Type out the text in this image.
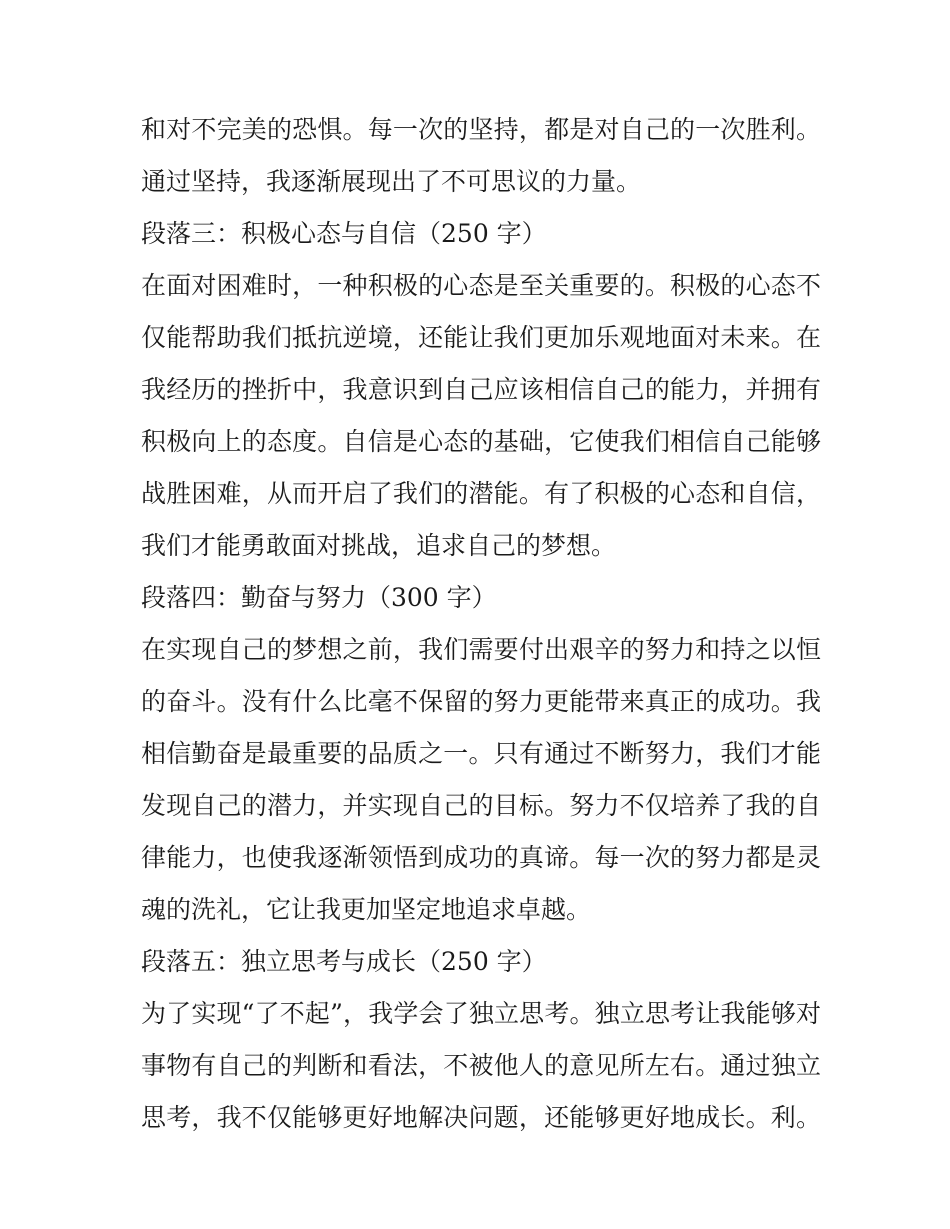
和对不完美的恐惧。每一次的坚持，都是对自己的一次胜利。
通过坚持，我逐渐展现出了不可思议的力量。
段落三：积极心态与自信（250 字）
在面对困难时，一种积极的心态是至关重要的。积极的心态不
仅能帮助我们抵抗逆境，还能让我们更加乐观地面对未来。在
我经历的挫折中，我意识到自己应该相信自己的能力，并拥有
积极向上的态度。自信是心态的基础，它使我们相信自己能够
战胜困难，从而开启了我们的潜能。有了积极的心态和自信，
我们才能勇敢面对挑战，追求自己的梦想。
段落四：勤奋与努力（300 字）
在实现自己的梦想之前，我们需要付出艰辛的努力和持之以恒
的奋斗。没有什么比毫不保留的努力更能带来真正的成功。我
相信勤奋是最重要的品质之一。只有通过不断努力，我们才能
发现自己的潜力，并实现自己的目标。努力不仅培养了我的自
律能力，也使我逐渐领悟到成功的真谛。每一次的努力都是灵
魂的洗礼，它让我更加坚定地追求卓越。
段落五：独立思考与成长（250 字）
为了实现“了不起”，我学会了独立思考。独立思考让我能够对
事物有自己的判断和看法，不被他人的意见所左右。通过独立
思考，我不仅能够更好地解决问题，还能够更好地成长。利。
